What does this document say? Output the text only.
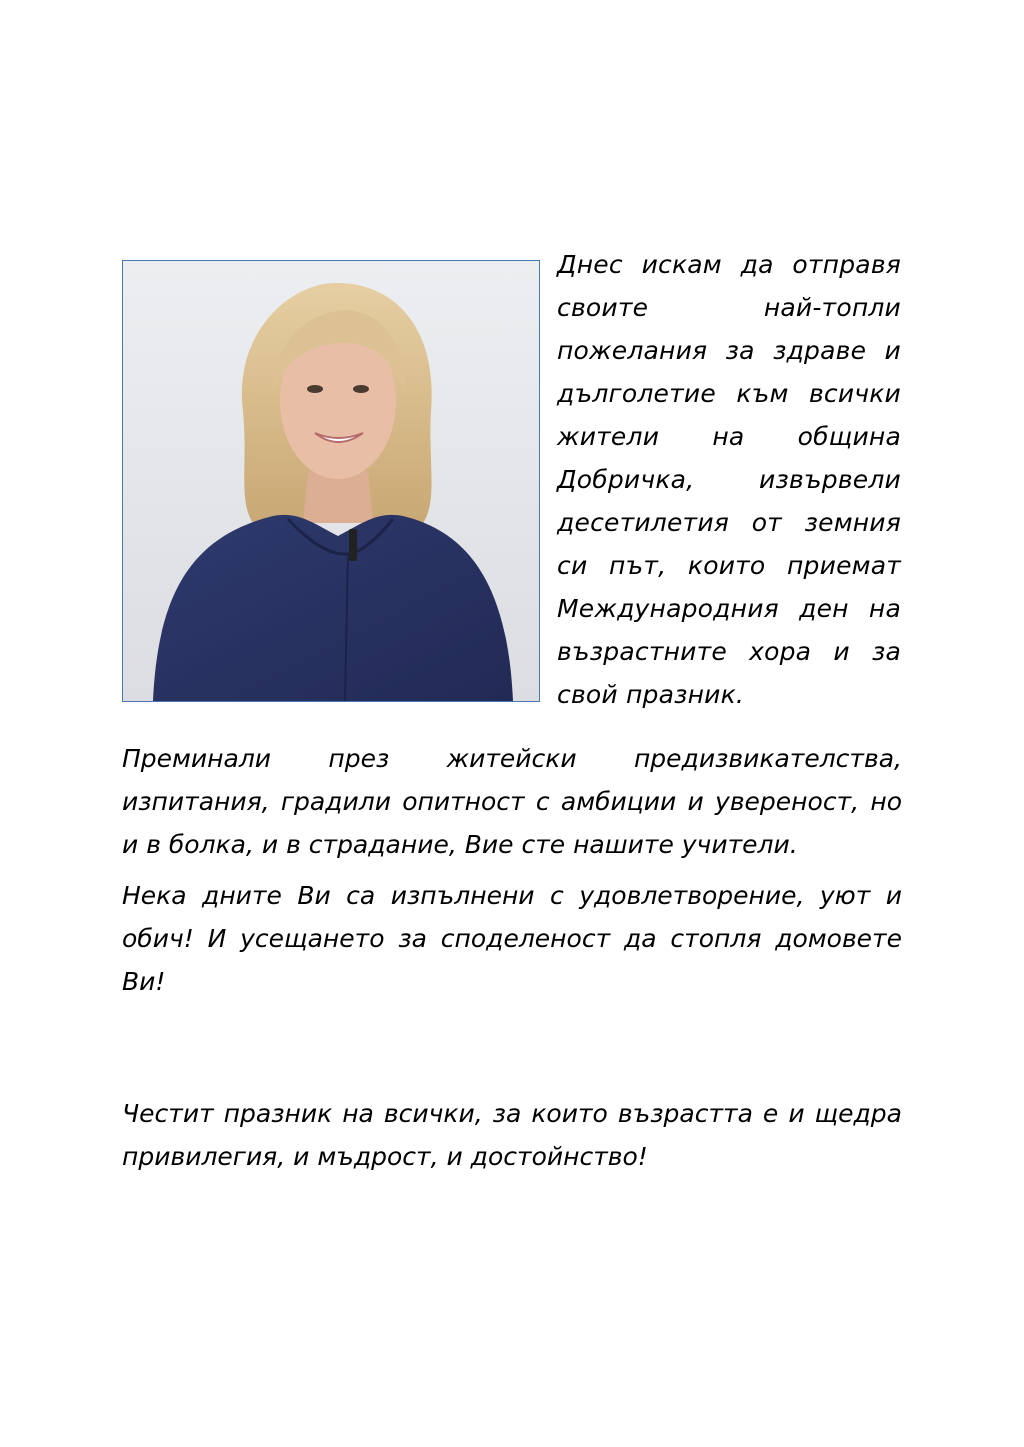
Днес искам да отправя своите най-топли пожелания за здраве и дълголетие към всички жители на община Добричка, извървели десетилетия от земния си път, които приемат Международния ден на възрастните хора и за свой празник.

Преминали през житейски предизвикателства, изпитания, градили опитност с амбиции и увереност, но и в болка, и в страдание, Вие сте нашите учители.

Нека дните Ви са изпълнени с удовлетворение, уют и обич! И усещането за споделеност да стопля домовете Ви!

Честит празник на всички, за които възрастта е и щедра привилегия, и мъдрост, и достойнство!
